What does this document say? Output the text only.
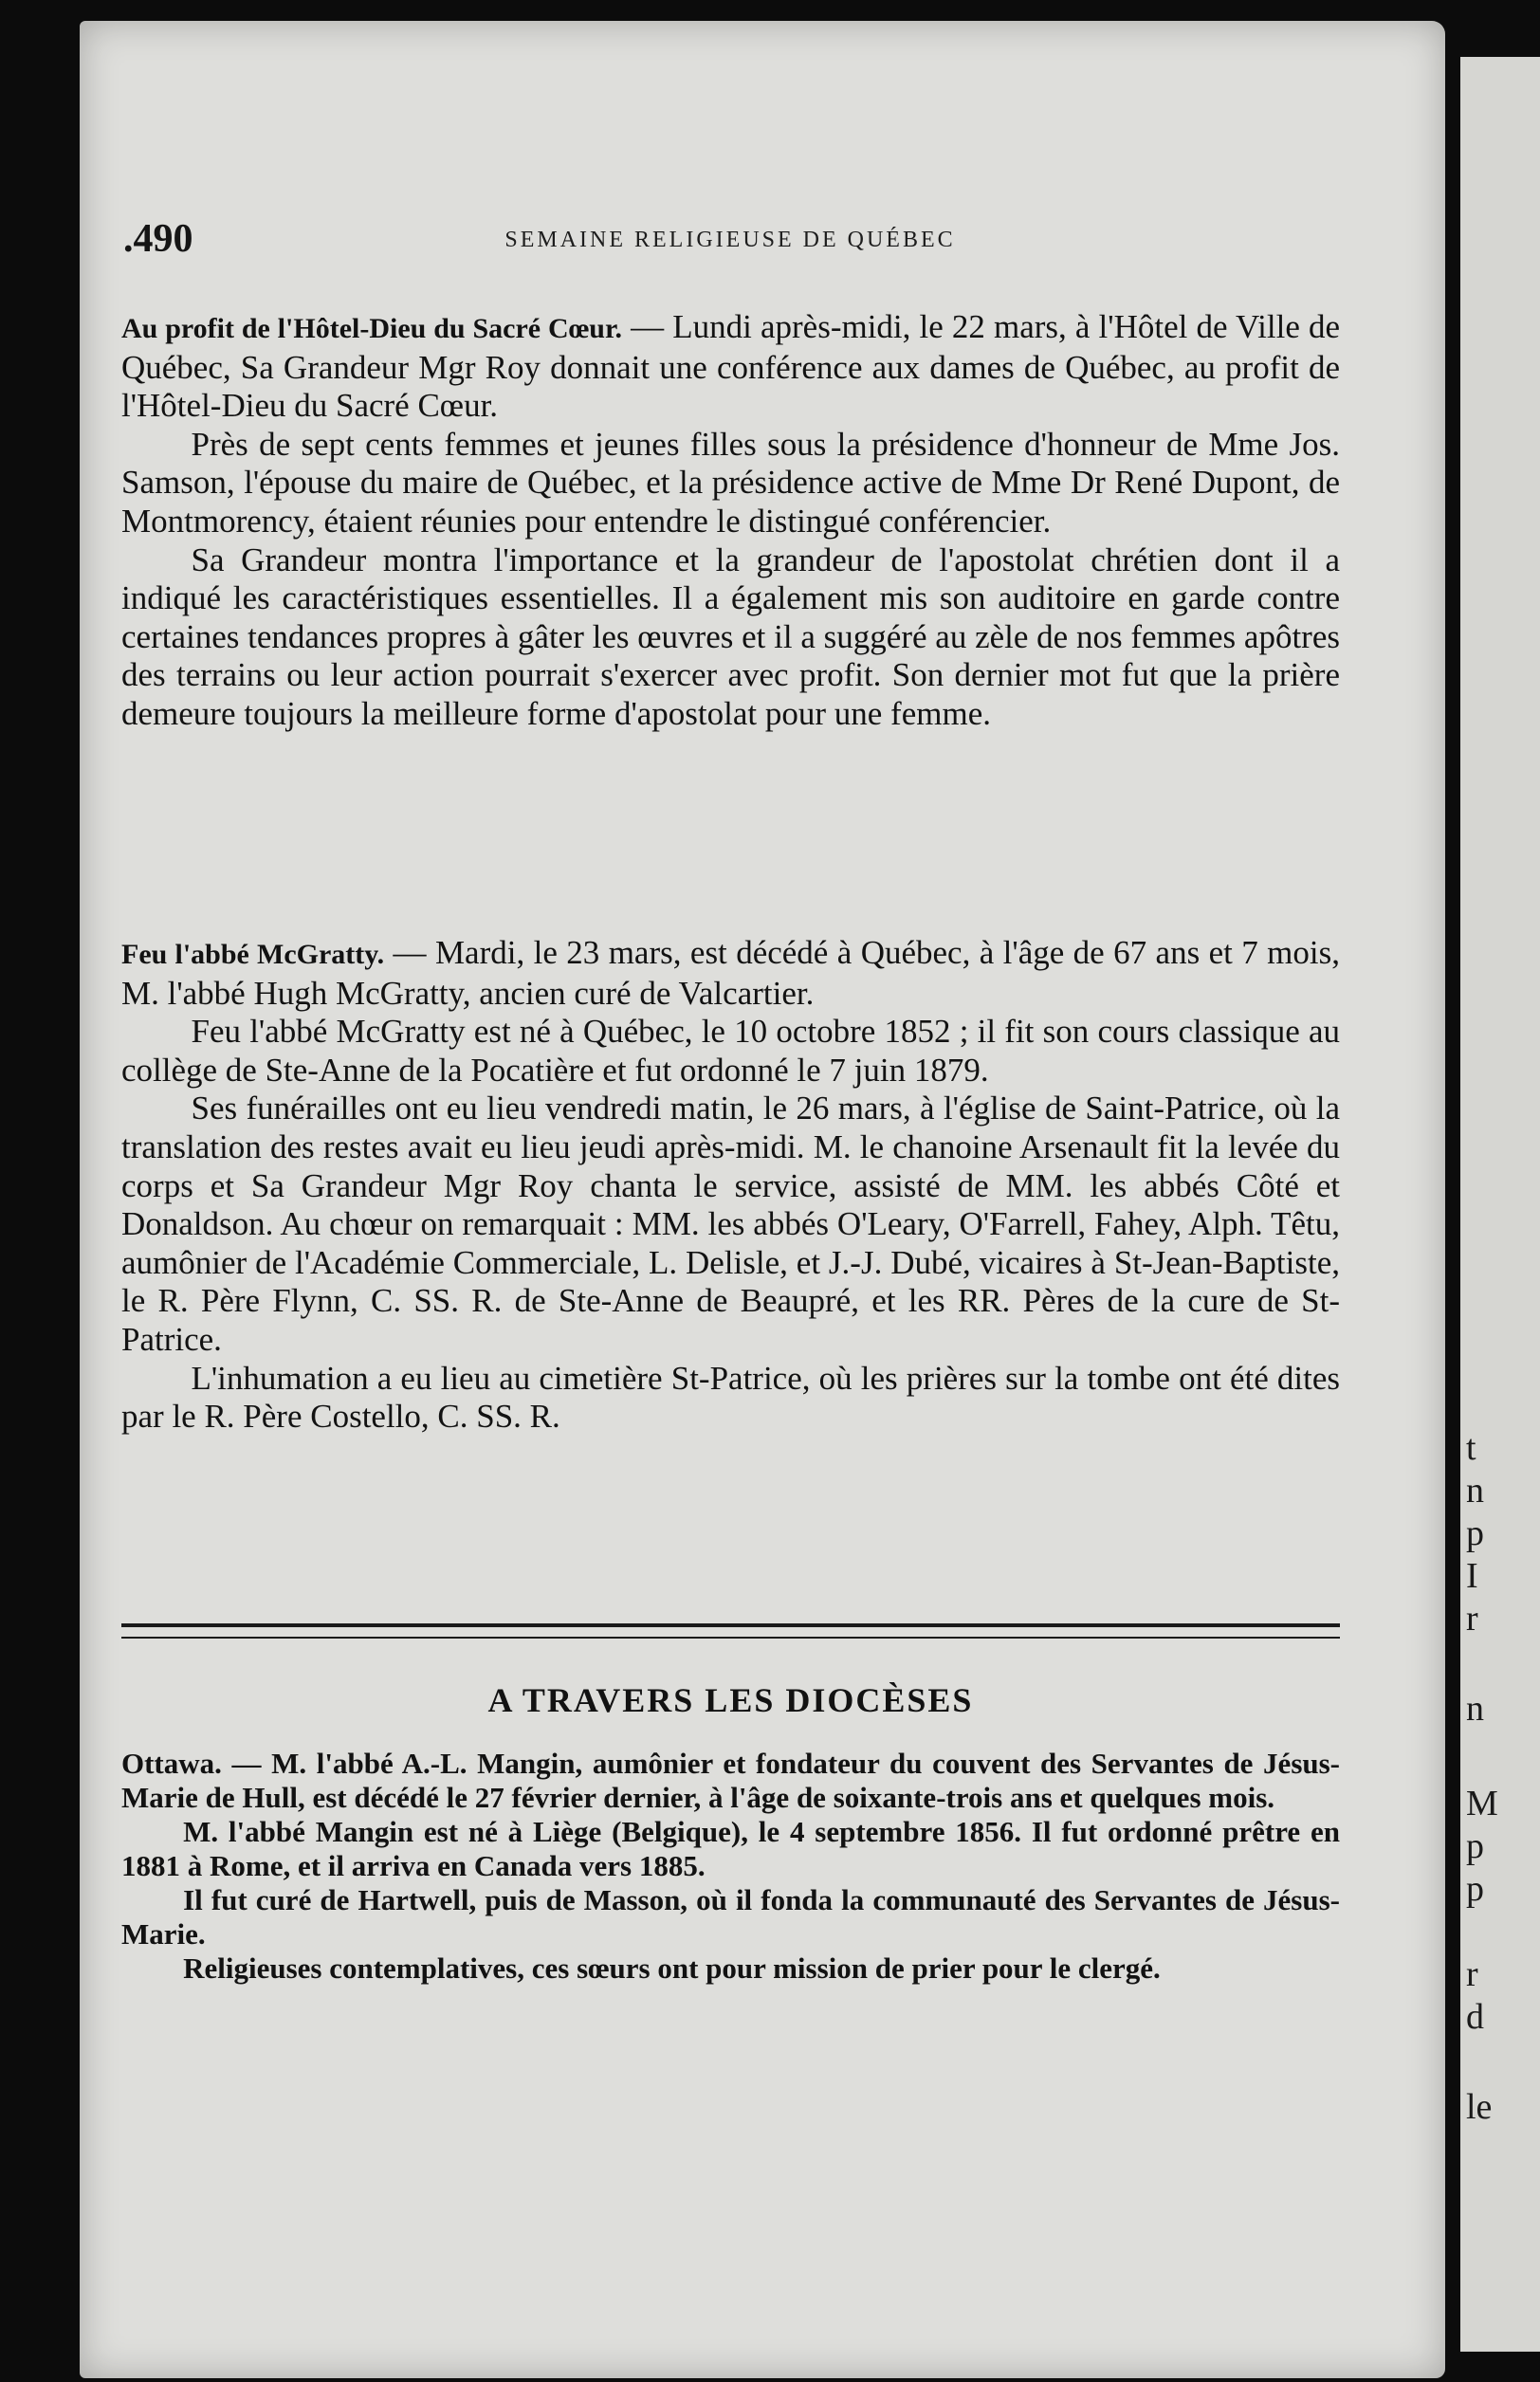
t
n
p
I
r
n
M
p
p
r
d
le
.490	SEMAINE RELIGIEUSE DE QUÉBEC

Au profit de l'Hôtel-Dieu du Sacré Cœur. — Lundi après-midi, le 22 mars, à l'Hôtel de Ville de Québec, Sa Grandeur Mgr Roy donnait une conférence aux dames de Québec, au profit de l'Hôtel-Dieu du Sacré Cœur.

Près de sept cents femmes et jeunes filles sous la présidence d'honneur de Mme Jos. Samson, l'épouse du maire de Québec, et la présidence active de Mme Dr René Dupont, de Montmorency, étaient réunies pour entendre le distingué conférencier.

Sa Grandeur montra l'importance et la grandeur de l'apostolat chrétien dont il a indiqué les caractéristiques essentielles. Il a également mis son auditoire en garde contre certaines tendances propres à gâter les œuvres et il a suggéré au zèle de nos femmes apôtres des terrains ou leur action pourrait s'exercer avec profit. Son dernier mot fut que la prière demeure toujours la meilleure forme d'apostolat pour une femme.

Feu l'abbé McGratty. — Mardi, le 23 mars, est décédé à Québec, à l'âge de 67 ans et 7 mois, M. l'abbé Hugh McGratty, ancien curé de Valcartier.

Feu l'abbé McGratty est né à Québec, le 10 octobre 1852 ; il fit son cours classique au collège de Ste-Anne de la Pocatière et fut ordonné le 7 juin 1879.

Ses funérailles ont eu lieu vendredi matin, le 26 mars, à l'église de Saint-Patrice, où la translation des restes avait eu lieu jeudi après-midi. M. le chanoine Arsenault fit la levée du corps et Sa Grandeur Mgr Roy chanta le service, assisté de MM. les abbés Côté et Donaldson. Au chœur on remarquait : MM. les abbés O'Leary, O'Farrell, Fahey, Alph. Têtu, aumônier de l'Académie Commerciale, L. Delisle, et J.-J. Dubé, vicaires à St-Jean-Baptiste, le R. Père Flynn, C. SS. R. de Ste-Anne de Beaupré, et les RR. Pères de la cure de St-Patrice.

L'inhumation a eu lieu au cimetière St-Patrice, où les prières sur la tombe ont été dites par le R. Père Costello, C. SS. R.

A TRAVERS LES DIOCÈSES

Ottawa. — M. l'abbé A.-L. Mangin, aumônier et fondateur du couvent des Servantes de Jésus-Marie de Hull, est décédé le 27 février dernier, à l'âge de soixante-trois ans et quelques mois.

M. l'abbé Mangin est né à Liège (Belgique), le 4 septembre 1856. Il fut ordonné prêtre en 1881 à Rome, et il arriva en Canada vers 1885.

Il fut curé de Hartwell, puis de Masson, où il fonda la communauté des Servantes de Jésus-Marie.

Religieuses contemplatives, ces sœurs ont pour mission de prier pour le clergé.
